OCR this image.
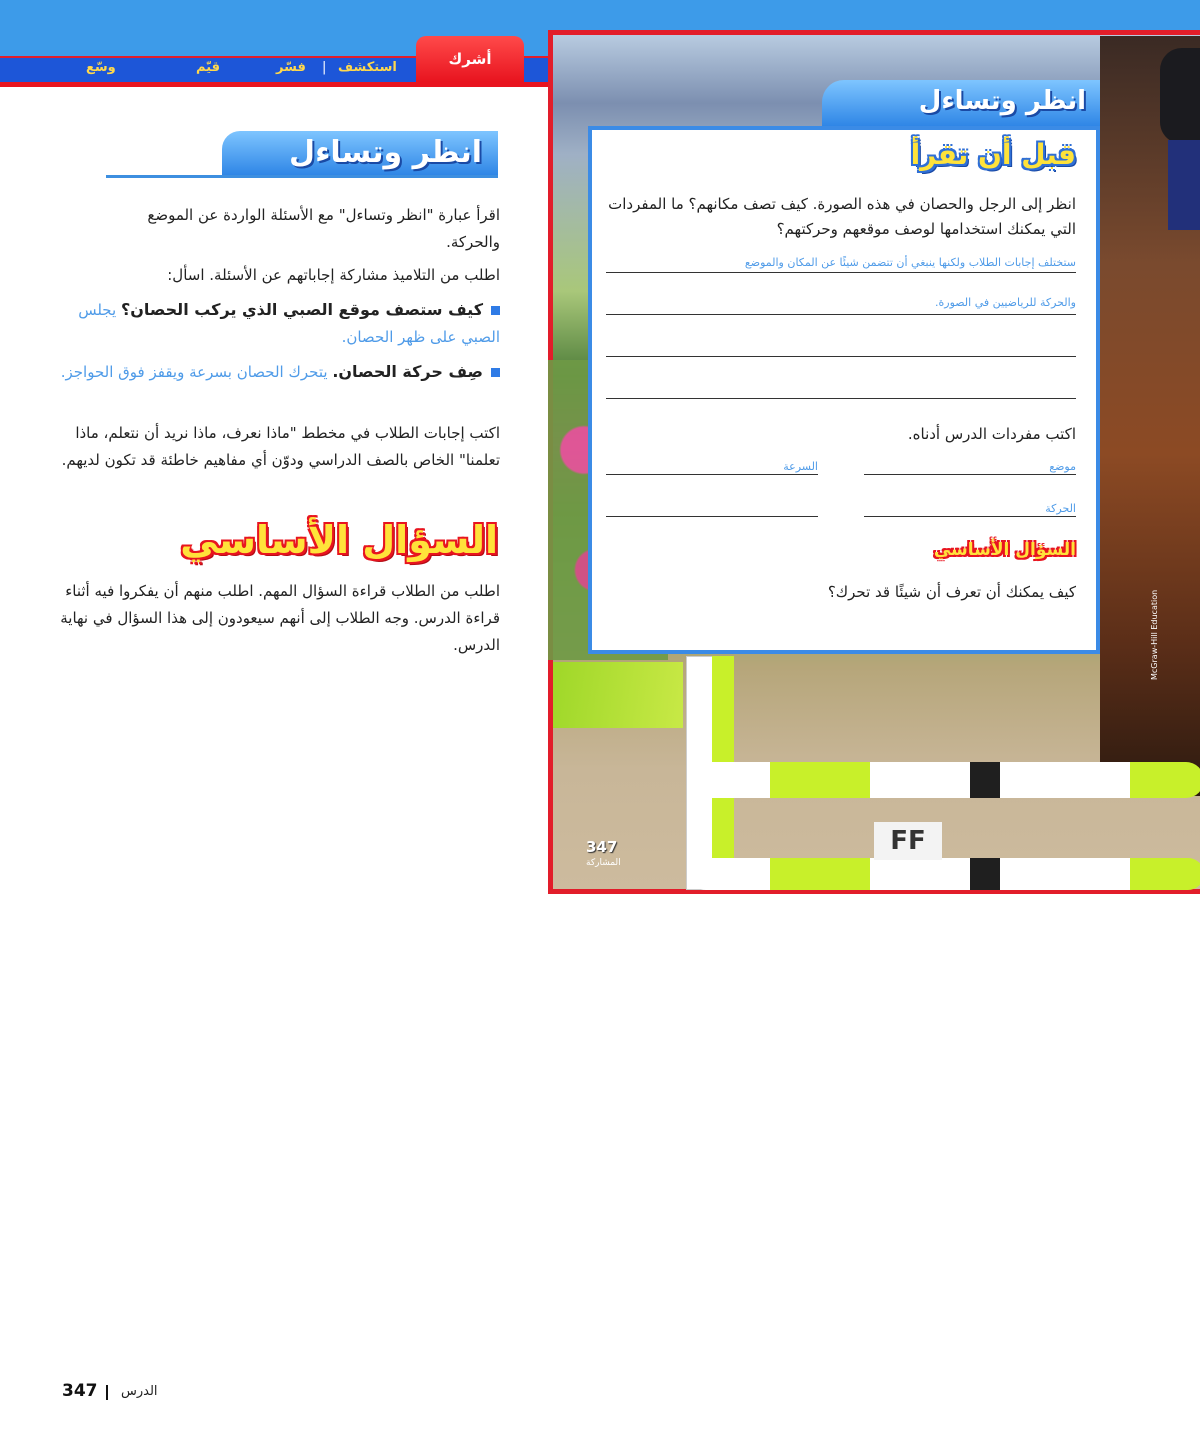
أشرك
استكشف
|
فسّر
قيّم
وسّع
انظر وتساءل
اقرأ عبارة "انظر وتساءل" مع الأسئلة الواردة عن الموضع والحركة.
اطلب من التلاميذ مشاركة إجاباتهم عن الأسئلة. اسأل:
كيف ستصف موقع الصبي الذي يركب الحصان؟ يجلس الصبي على ظهر الحصان.
صِف حركة الحصان. يتحرك الحصان بسرعة ويقفز فوق الحواجز.
اكتب إجابات الطلاب في مخطط "ماذا نعرف، ماذا نريد أن نتعلم، ماذا تعلمنا" الخاص بالصف الدراسي ودوّن أي مفاهيم خاطئة قد تكون لديهم.
السؤال الأساسي
اطلب من الطلاب قراءة السؤال المهم. اطلب منهم أن يفكروا فيه أثناء قراءة الدرس. وجه الطلاب إلى أنهم سيعودون إلى هذا السؤال في نهاية الدرس.
FF
انظر وتساءل
قبل أن تقرأ
انظر إلى الرجل والحصان في هذه الصورة. كيف تصف مكانهم؟ ما المفردات التي يمكنك استخدامها لوصف موقعهم وحركتهم؟
ستختلف إجابات الطلاب ولكنها ينبغي أن تتضمن شيئًا عن المكان والموضع
والحركة للرياضيين في الصورة.
اكتب مفردات الدرس أدناه.
موضع
السرعة
الحركة
السؤال الأساسي
كيف يمكنك أن تعرف أن شيئًا قد تحرك؟
347
المشاركة
McGraw-Hill Education
347 الدرس
